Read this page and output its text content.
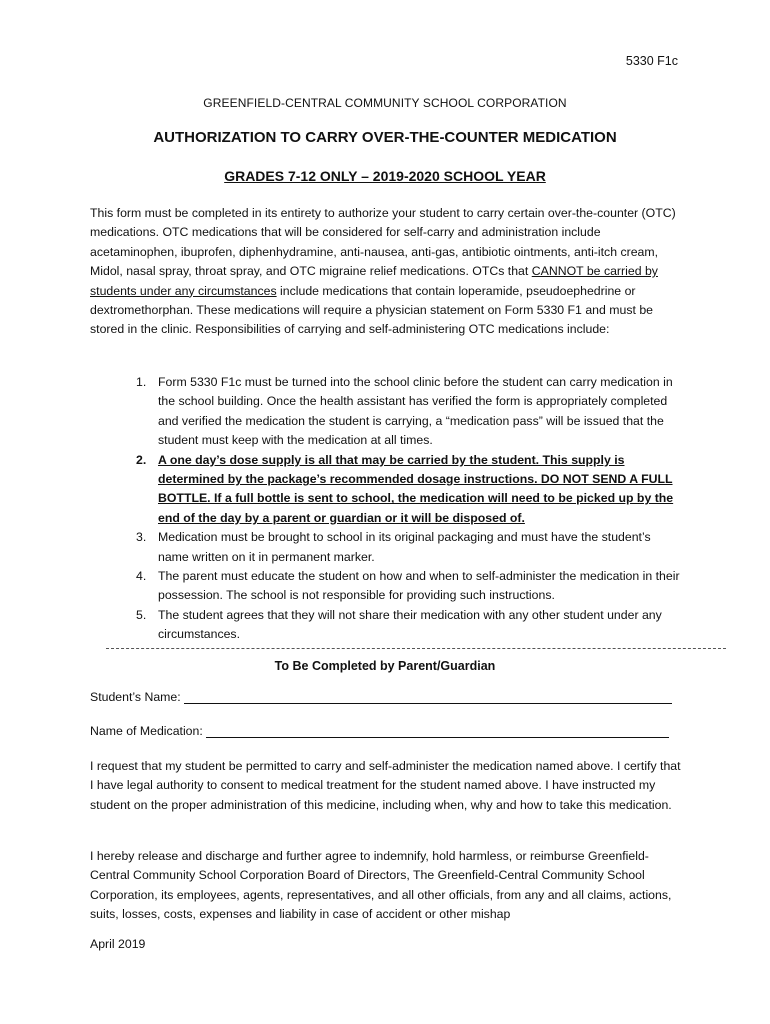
5330 F1c
GREENFIELD-CENTRAL COMMUNITY SCHOOL CORPORATION
AUTHORIZATION TO CARRY OVER-THE-COUNTER MEDICATION
GRADES 7-12 ONLY – 2019-2020 SCHOOL YEAR
This form must be completed in its entirety to authorize your student to carry certain over-the-counter (OTC) medications. OTC medications that will be considered for self-carry and administration include acetaminophen, ibuprofen, diphenhydramine, anti-nausea, anti-gas, antibiotic ointments, anti-itch cream, Midol, nasal spray, throat spray, and OTC migraine relief medications. OTCs that CANNOT be carried by students under any circumstances include medications that contain loperamide, pseudoephedrine or dextromethorphan. These medications will require a physician statement on Form 5330 F1 and must be stored in the clinic. Responsibilities of carrying and self-administering OTC medications include:
1. Form 5330 F1c must be turned into the school clinic before the student can carry medication in the school building. Once the health assistant has verified the form is appropriately completed and verified the medication the student is carrying, a “medication pass” will be issued that the student must keep with the medication at all times.
2. A one day’s dose supply is all that may be carried by the student. This supply is determined by the package’s recommended dosage instructions. DO NOT SEND A FULL BOTTLE. If a full bottle is sent to school, the medication will need to be picked up by the end of the day by a parent or guardian or it will be disposed of.
3. Medication must be brought to school in its original packaging and must have the student’s name written on it in permanent marker.
4. The parent must educate the student on how and when to self-administer the medication in their possession. The school is not responsible for providing such instructions.
5. The student agrees that they will not share their medication with any other student under any circumstances.
To Be Completed by Parent/Guardian
Student’s Name:
Name of Medication:
I request that my student be permitted to carry and self-administer the medication named above. I certify that I have legal authority to consent to medical treatment for the student named above. I have instructed my student on the proper administration of this medicine, including when, why and how to take this medication.
I hereby release and discharge and further agree to indemnify, hold harmless, or reimburse Greenfield-Central Community School Corporation Board of Directors, The Greenfield-Central Community School Corporation, its employees, agents, representatives, and all other officials, from any and all claims, actions, suits, losses, costs, expenses and liability in case of accident or other mishap
April 2019
